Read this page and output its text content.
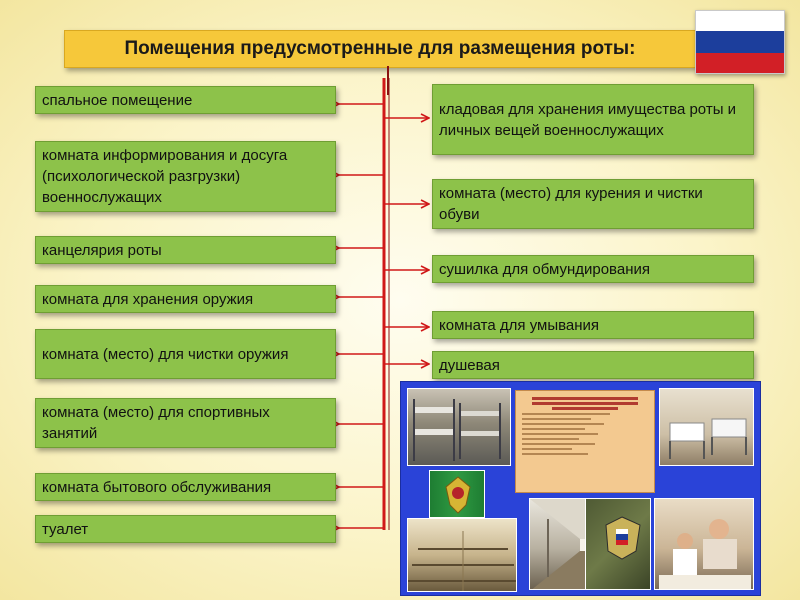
Помещения предусмотренные для размещения роты:
спальное помещение
комната информирования и досуга (психологической разгрузки) военнослужащих
канцелярия роты
комната для хранения оружия
комната (место) для чистки оружия
комната (место) для спортивных занятий
комната бытового обслуживания
туалет
кладовая для хранения имущества роты и личных вещей военнослужащих
комната (место) для курения и чистки обуви
сушилка для обмундирования
комната для умывания
душевая
